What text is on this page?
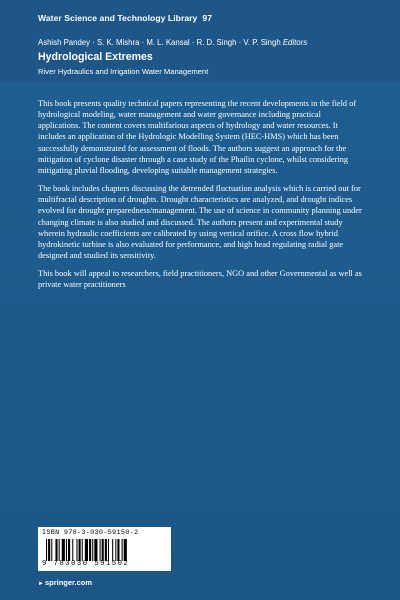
Water Science and Technology Library 97
Ashish Pandey · S. K. Mishra · M. L. Kansal · R. D. Singh · V. P. Singh Editors
Hydrological Extremes
River Hydraulics and Irrigation Water Management

This book presents quality technical papers representing the recent developments in the field of hydrological modeling, water management and water governance including practical applications. The content covers multifarious aspects of hydrology and water resources. It includes an application of the Hydrologic Modelling System (HEC-HMS) which has been successfully demonstrated for assessment of floods. The authors suggest an approach for the mitigation of cyclone disaster through a case study of the Phailin cyclone, whilst considering mitigating pluvial flooding, developing suitable management strategies.

The book includes chapters discussing the detrended fluctuation analysis which is carried out for multifractal description of droughts. Drought characteristics are analyzed, and drought indices evolved for drought preparedness/management. The use of science in community planning under changing climate is also studied and discussed. The authors present and experimental study wherein hydraulic coefficients are calibrated by using vertical orifice. A cross flow hybrid hydrokinetic turbine is also evaluated for performance, and high head regulating radial gate designed and studied its sensitivity.

This book will appeal to researchers, field practitioners, NGO and other Governmental as well as private water practitioners

ISBN 978-3-030-59150-2
9 783030 591502
►springer.com
